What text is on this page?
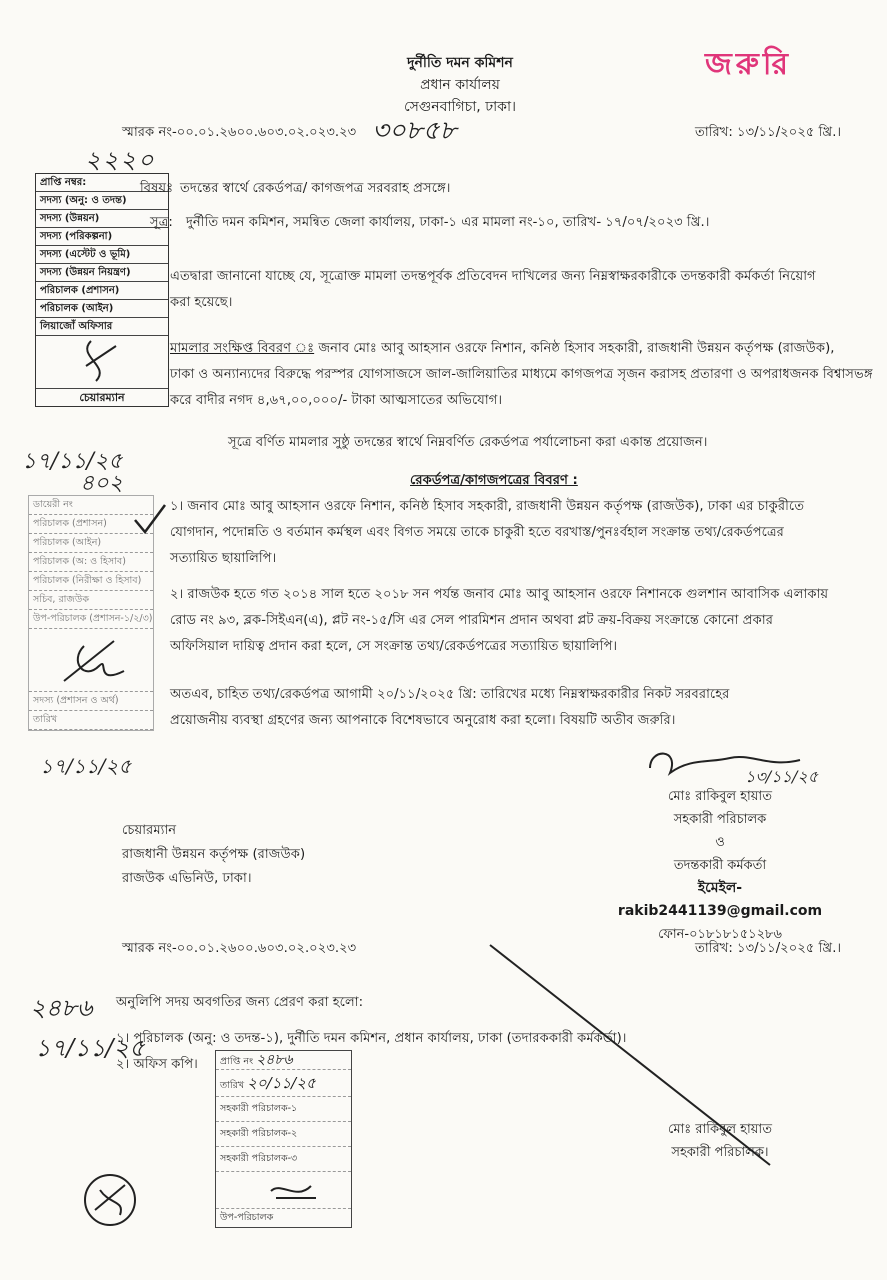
দুর্নীতি দমন কমিশন
প্রধান কার্যালয়
সেগুনবাগিচা, ঢাকা।
জরুরি
স্মারক নং-০০.০১.২৬০০.৬০৩.০২.০২৩.২৩ ৩০৮৫৮	তারিখ: ১৩/১১/২০২৫ খ্রি.।
২২২০
প্রাপ্তি নম্বর:
সদস্য (অনু: ও তদন্ত)
সদস্য (উন্নয়ন)
সদস্য (পরিকল্পনা)
সদস্য (এস্টেট ও ভূমি)
সদস্য (উন্নয়ন নিয়ন্ত্রণ)
পরিচালক (প্রশাসন)
পরিচালক (আইন)
লিয়াজোঁ অফিসার
চেয়ারম্যান
বিষয়ঃ তদন্তের স্বার্থে রেকর্ডপত্র/ কাগজপত্র সরবরাহ প্রসঙ্গে।
সূত্র: দুর্নীতি দমন কমিশন, সমন্বিত জেলা কার্যালয়, ঢাকা-১ এর মামলা নং-১০, তারিখ- ১৭/০৭/২০২৩ খ্রি.।
এতদ্বারা জানানো যাচ্ছে যে, সূত্রোক্ত মামলা তদন্তপূর্বক প্রতিবেদন দাখিলের জন্য নিম্নস্বাক্ষরকারীকে তদন্তকারী কর্মকর্তা নিয়োগ
করা হয়েছে।
মামলার সংক্ষিপ্ত বিবরণ ঃ জনাব মোঃ আবু আহসান ওরফে নিশান, কনিষ্ঠ হিসাব সহকারী, রাজধানী উন্নয়ন কর্তৃপক্ষ (রাজউক),
ঢাকা ও অন্যান্যদের বিরুদ্ধে পরস্পর যোগসাজসে জাল-জালিয়াতির মাধ্যমে কাগজপত্র সৃজন করাসহ প্রতারণা ও অপরাধজনক বিশ্বাসভঙ্গ
করে বাদীর নগদ ৪,৬৭,০০,০০০/- টাকা আত্মসাতের অভিযোগ।
সূত্রে বর্ণিত মামলার সুষ্ঠু তদন্তের স্বার্থে নিম্নবর্ণিত রেকর্ডপত্র পর্যালোচনা করা একান্ত প্রয়োজন।
রেকর্ডপত্র/কাগজপত্রের বিবরণ :
১। জনাব মোঃ আবু আহসান ওরফে নিশান, কনিষ্ঠ হিসাব সহকারী, রাজধানী উন্নয়ন কর্তৃপক্ষ (রাজউক), ঢাকা এর চাকুরীতে
যোগদান, পদোন্নতি ও বর্তমান কর্মস্থল এবং বিগত সময়ে তাকে চাকুরী হতে বরখাস্ত/পুনঃর্বহাল সংক্রান্ত তথ্য/রেকর্ডপত্রের
সত্যায়িত ছায়ালিপি।
২। রাজউক হতে গত ২০১৪ সাল হতে ২০১৮ সন পর্যন্ত জনাব মোঃ আবু আহসান ওরফে নিশানকে গুলশান আবাসিক এলাকায়
রোড নং ৯৩, ব্লক-সিইএন(এ), প্লট নং-১৫/সি এর সেল পারমিশন প্রদান অথবা প্লট ক্রয়-বিক্রয় সংক্রান্তে কোনো প্রকার
অফিসিয়াল দায়িত্ব প্রদান করা হলে, সে সংক্রান্ত তথ্য/রেকর্ডপত্রের সত্যায়িত ছায়ালিপি।
অতএব, চাহিত তথ্য/রেকর্ডপত্র আগামী ২০/১১/২০২৫ খ্রি: তারিখের মধ্যে নিম্নস্বাক্ষরকারীর নিকট সরবরাহের
প্রয়োজনীয় ব্যবস্থা গ্রহণের জন্য আপনাকে বিশেষভাবে অনুরোধ করা হলো। বিষয়টি অতীব জরুরি।
১৭/১১/২৫
৪০২
ডায়েরী নং
পরিচালক (প্রশাসন)
পরিচালক (আইন)
পরিচালক (অ: ও হিসাব)
পরিচালক (নিরীক্ষা ও হিসাব)
সচিব, রাজউক
উপ-পরিচালক (প্রশাসন-১/২/৩)
সদস্য (প্রশাসন ও অর্থ)
তারিখ
১৭/১১/২৫	১৩/১১/২৫
মোঃ রাকিবুল হায়াত
সহকারী পরিচালক
ও
তদন্তকারী কর্মকর্তা
ইমেইল-rakib2441139@gmail.com
ফোন-০১৮১৮১৫১২৮৬
চেয়ারম্যান
রাজধানী উন্নয়ন কর্তৃপক্ষ (রাজউক)
রাজউক এভিনিউ, ঢাকা।
স্মারক নং-০০.০১.২৬০০.৬০৩.০২.০২৩.২৩	তারিখ: ১৩/১১/২০২৫ খ্রি.।
২৪৮৬
১৭/১১/২৫
অনুলিপি সদয় অবগতির জন্য প্রেরণ করা হলো:
১। পরিচালক (অনু: ও তদন্ত-১), দুর্নীতি দমন কমিশন, প্রধান কার্যালয়, ঢাকা (তদারককারী কর্মকর্তা)।
২। অফিস কপি।	প্রাপ্তি নং ২৪৮৬
তারিখ ২০/১১/২৫
সহকারী পরিচালক-১
সহকারী পরিচালক-২
সহকারী পরিচালক-৩
উপ-পরিচালক
মোঃ রাকিবুল হায়াত
সহকারী পরিচালক।
